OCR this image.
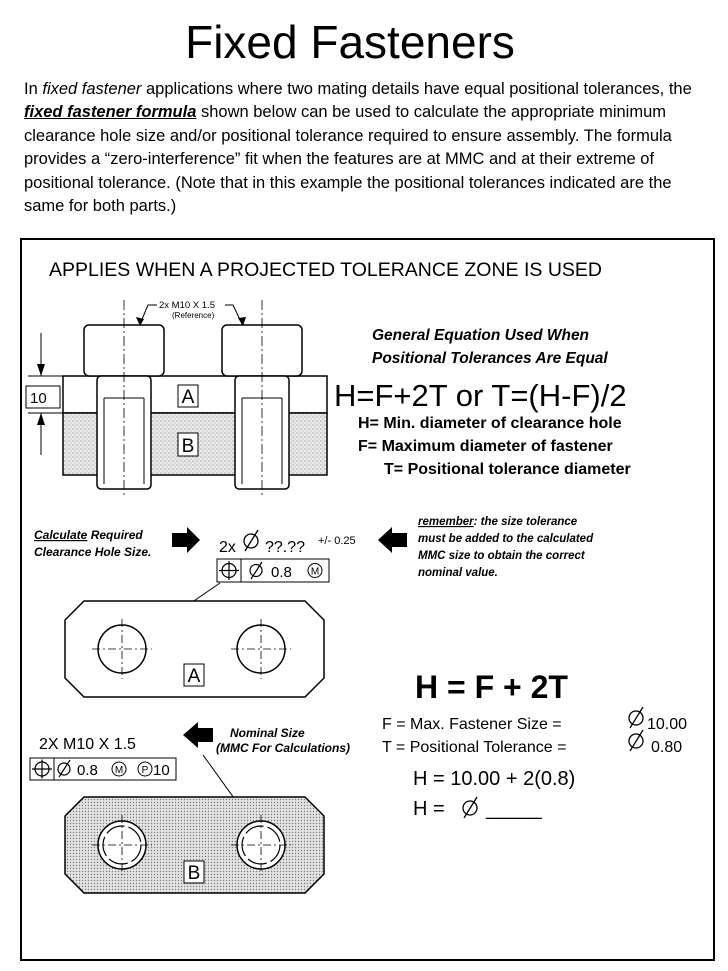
Fixed Fasteners

In fixed fastener applications where two mating details have equal positional tolerances, the fixed fastener formula shown below can be used to calculate the appropriate minimum clearance hole size and/or positional tolerance required to ensure assembly. The formula provides a “zero-interference” fit when the features are at MMC and at their extreme of positional tolerance. (Note that in this example the positional tolerances indicated are the same for both parts.)

APPLIES WHEN A PROJECTED TOLERANCE ZONE IS USED
A
B
2x M10 X 1.5
(Reference)
10
General Equation Used When
Positional Tolerances Are Equal
H=F+2T or T=(H-F)/2
H= Min. diameter of clearance hole
F= Maximum diameter of fastener
T= Positional tolerance diameter
Calculate Required
Clearance Hole Size.	2x ??.?? +/- 0.25
0.8 M
remember: the size tolerance
must be added to the calculated
MMC size to obtain the correct
nominal value.
A	H = F + 2T
F = Max. Fastener Size =	10.00
T = Positional Tolerance =	0.80
H = 10.00 + 2(0.8)
H = _____
Nominal Size
(MMC For Calculations)
2X M10 X 1.5
0.8 M P 10
B
